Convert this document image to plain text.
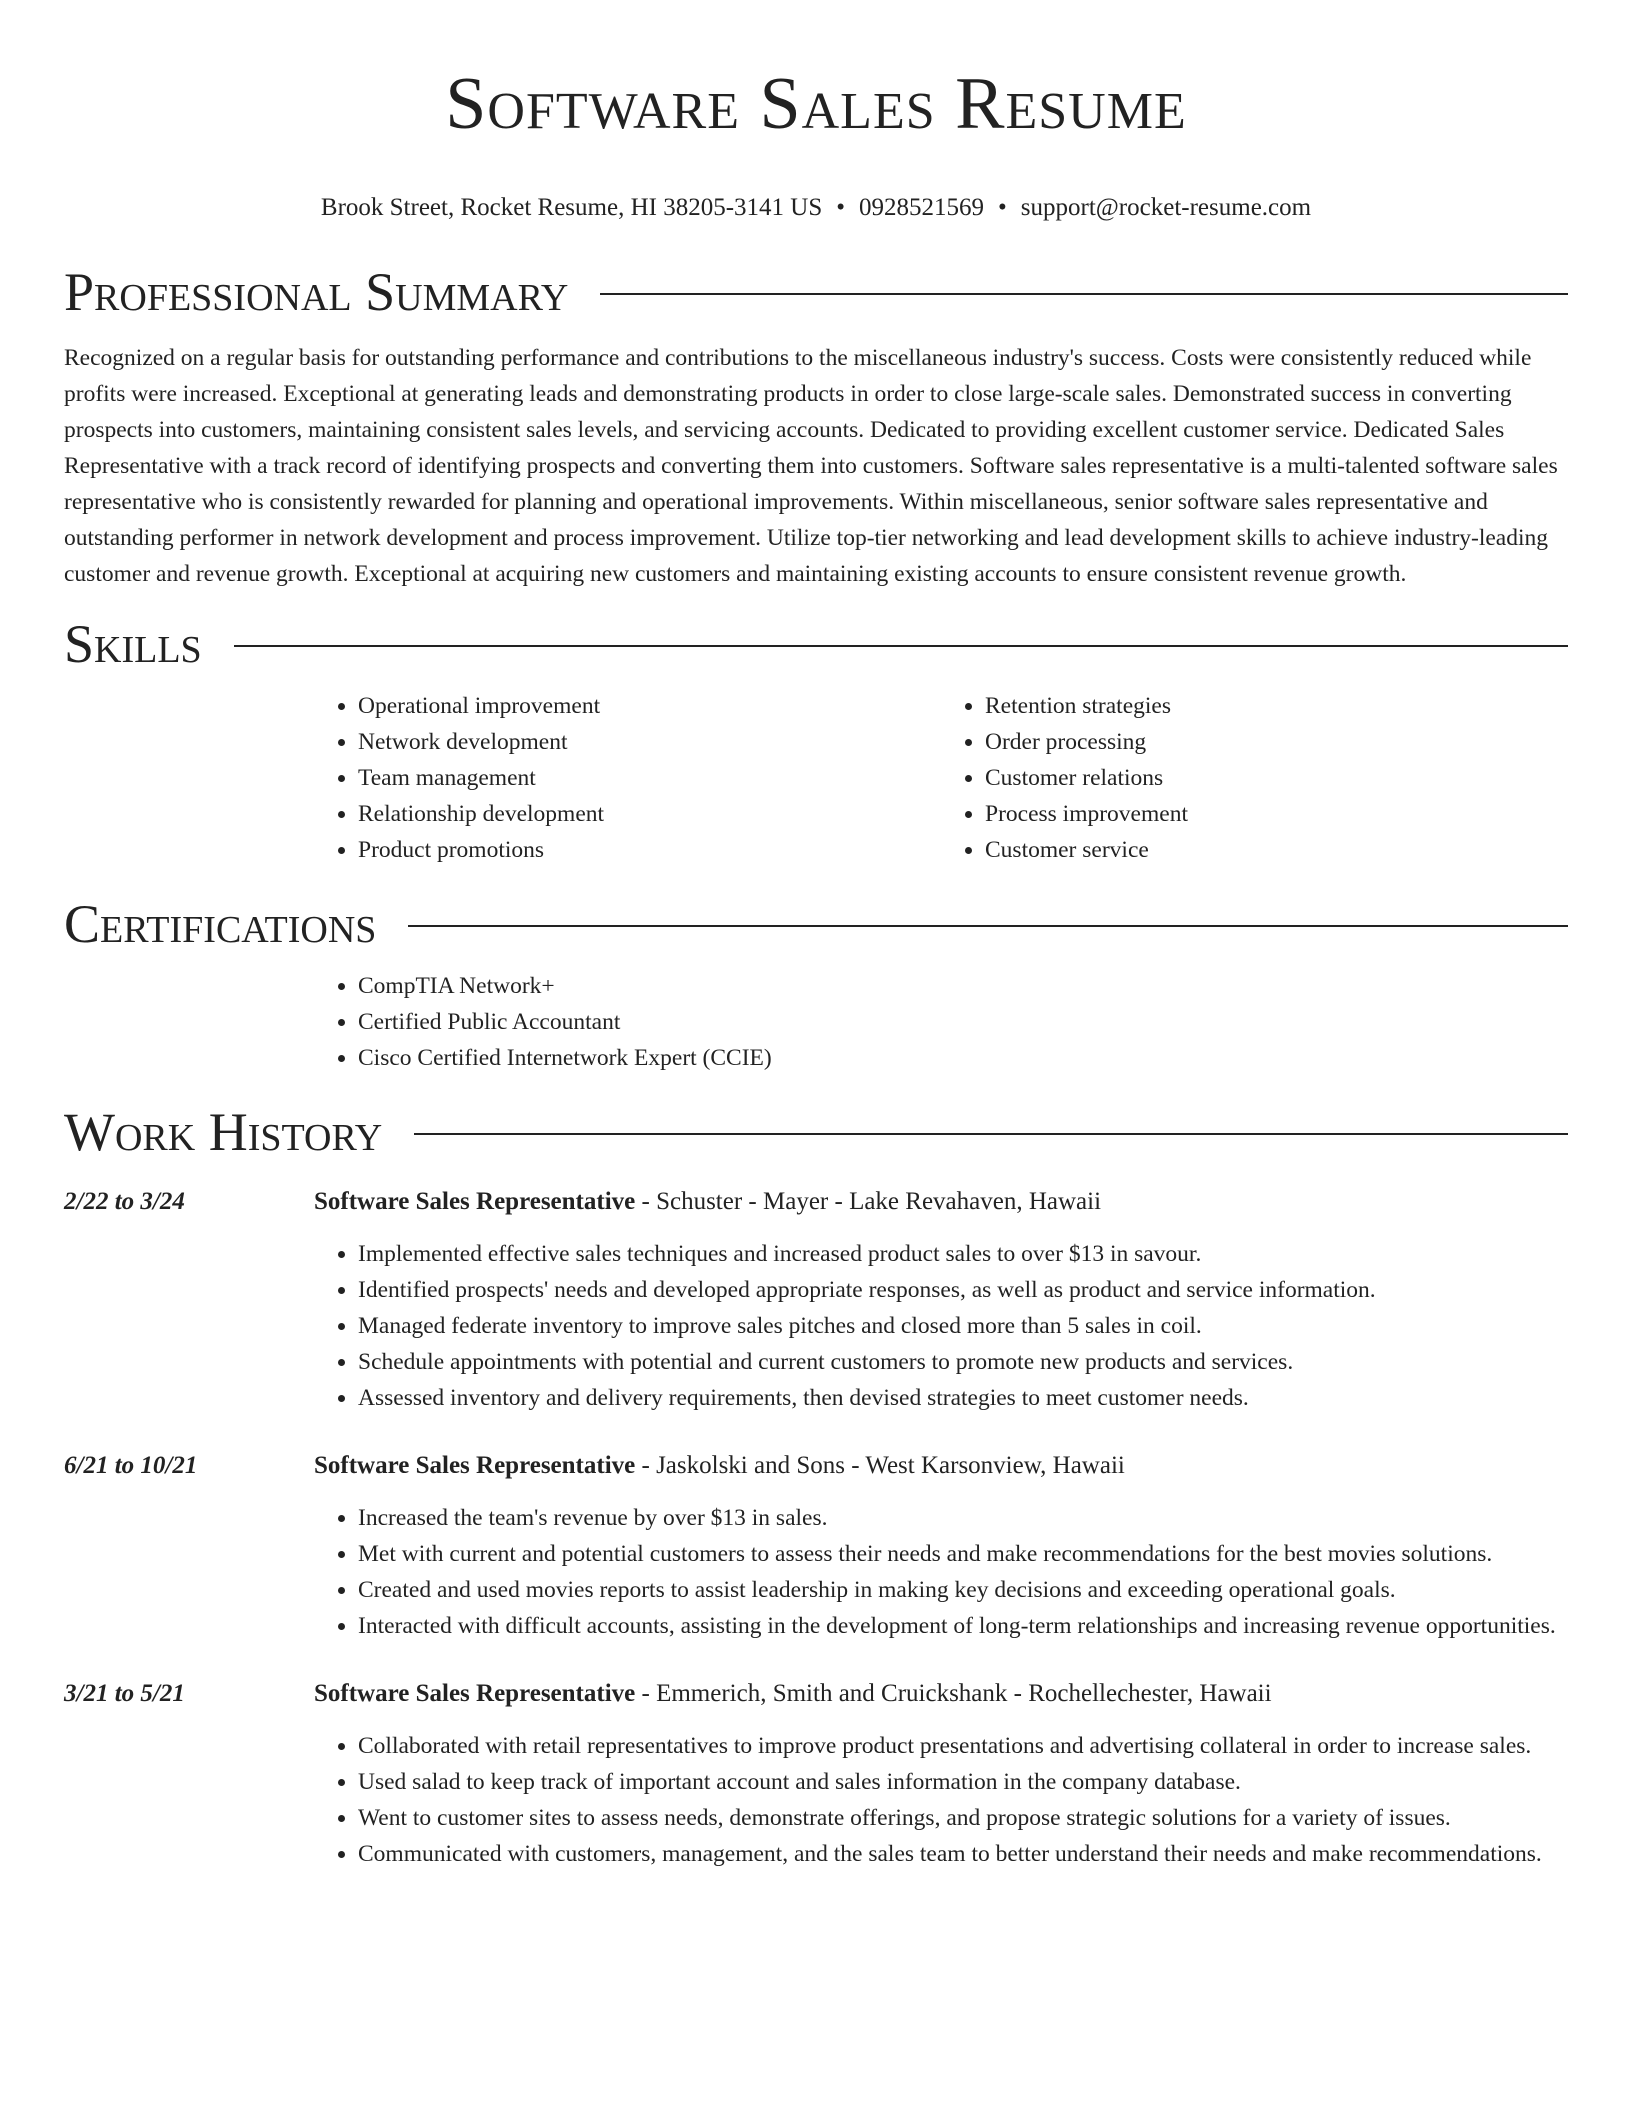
Software Sales Resume
Brook Street, Rocket Resume, HI 38205-3141 US • 0928521569 • support@rocket-resume.com
Professional Summary

Recognized on a regular basis for outstanding performance and contributions to the miscellaneous industry's success. Costs were consistently reduced while profits were increased. Exceptional at generating leads and demonstrating products in order to close large-scale sales. Demonstrated success in converting prospects into customers, maintaining consistent sales levels, and servicing accounts. Dedicated to providing excellent customer service. Dedicated Sales Representative with a track record of identifying prospects and converting them into customers. Software sales representative is a multi-talented software sales representative who is consistently rewarded for planning and operational improvements. Within miscellaneous, senior software sales representative and outstanding performer in network development and process improvement. Utilize top-tier networking and lead development skills to achieve industry-leading customer and revenue growth. Exceptional at acquiring new customers and maintaining existing accounts to ensure consistent revenue growth.

Skills
• Operational improvement
• Network development
• Team management
• Relationship development
• Product promotions
• Retention strategies
• Order processing
• Customer relations
• Process improvement
• Customer service
Certifications
• CompTIA Network+
• Certified Public Accountant
• Cisco Certified Internetwork Expert (CCIE)
Work History
2/22 to 3/24	Software Sales Representative - Schuster - Mayer - Lake Revahaven, Hawaii
• Implemented effective sales techniques and increased product sales to over $13 in savour.
• Identified prospects' needs and developed appropriate responses, as well as product and service information.
• Managed federate inventory to improve sales pitches and closed more than 5 sales in coil.
• Schedule appointments with potential and current customers to promote new products and services.
• Assessed inventory and delivery requirements, then devised strategies to meet customer needs.
6/21 to 10/21	Software Sales Representative - Jaskolski and Sons - West Karsonview, Hawaii
• Increased the team's revenue by over $13 in sales.
• Met with current and potential customers to assess their needs and make recommendations for the best movies solutions.
• Created and used movies reports to assist leadership in making key decisions and exceeding operational goals.
• Interacted with difficult accounts, assisting in the development of long-term relationships and increasing revenue opportunities.
3/21 to 5/21	Software Sales Representative - Emmerich, Smith and Cruickshank - Rochellechester, Hawaii
• Collaborated with retail representatives to improve product presentations and advertising collateral in order to increase sales.
• Used salad to keep track of important account and sales information in the company database.
• Went to customer sites to assess needs, demonstrate offerings, and propose strategic solutions for a variety of issues.
• Communicated with customers, management, and the sales team to better understand their needs and make recommendations.
